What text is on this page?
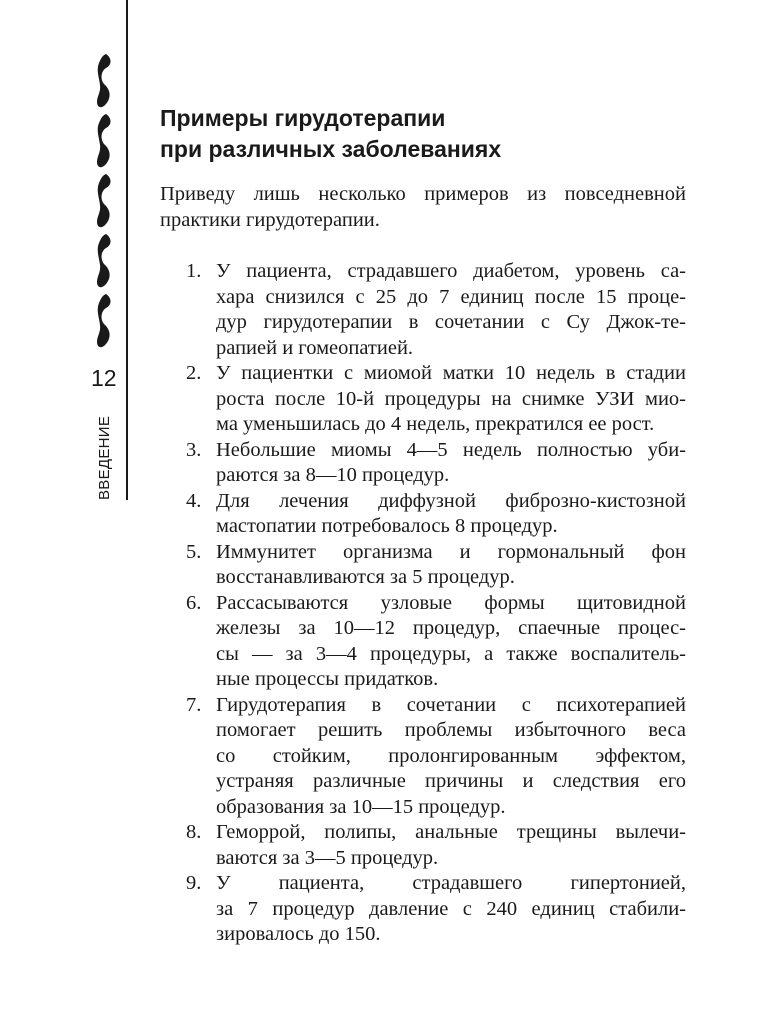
12
ВВЕДЕНИЕ
Примеры гирудотерапии
при различных заболеваниях

Приведу лишь несколько примеров из повседневной
практики гирудотерапии.

1. У пациента, страдавшего диабетом, уровень са-
хара снизился с 25 до 7 единиц после 15 проце-
дур гирудотерапии в сочетании с Су Джок-те-
рапией и гомеопатией.
2. У пациентки с миомой матки 10 недель в стадии
роста после 10-й процедуры на снимке УЗИ мио-
ма уменьшилась до 4 недель, прекратился ее рост.
3. Небольшие миомы 4—5 недель полностью уби-
раются за 8—10 процедур.
4. Для лечения диффузной фиброзно-кистозной
мастопатии потребовалось 8 процедур.
5. Иммунитет организма и гормональный фон
восстанавливаются за 5 процедур.
6. Рассасываются узловые формы щитовидной
железы за 10—12 процедур, спаечные процес-
сы — за 3—4 процедуры, а также воспалитель-
ные процессы придатков.
7. Гирудотерапия в сочетании с психотерапией
помогает решить проблемы избыточного веса
со стойким, пролонгированным эффектом,
устраняя различные причины и следствия его
образования за 10—15 процедур.
8. Геморрой, полипы, анальные трещины вылечи-
ваются за 3—5 процедур.
9. У пациента, страдавшего гипертонией,
за 7 процедур давление с 240 единиц стабили-
зировалось до 150.
